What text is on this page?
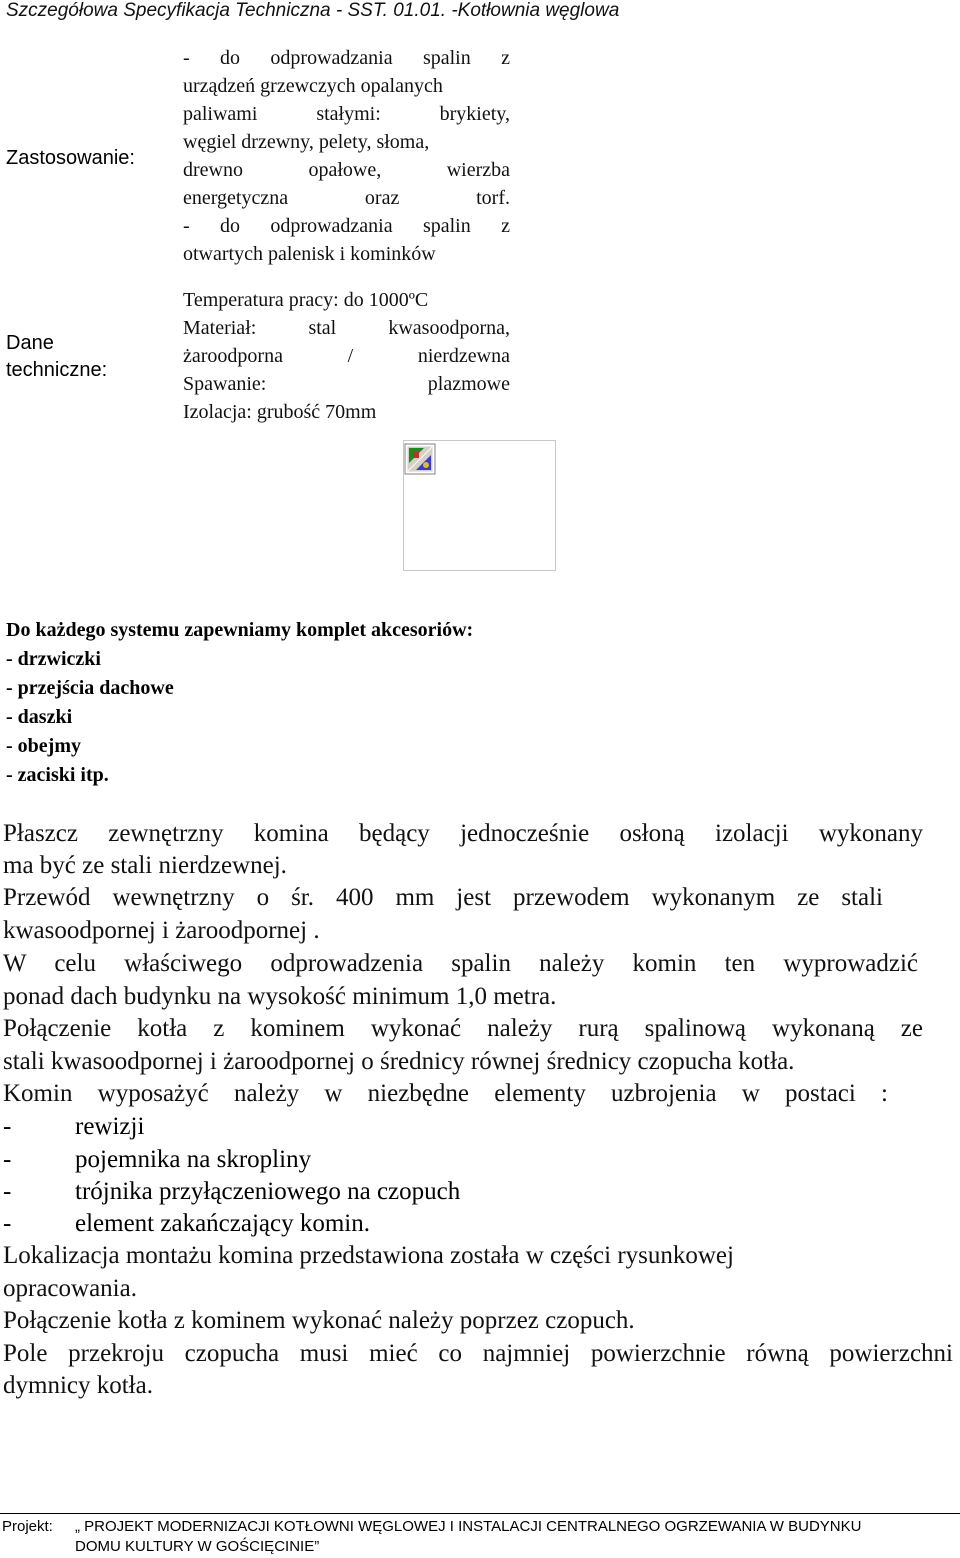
Szczegółowa Specyfikacja Techniczna - SST. 01.01. -Kotłownia węglowa
Zastosowanie:
- do odprowadzania spalin z
urządzeń grzewczych opalanych
paliwami stałymi: brykiety,
węgiel drzewny, pelety, słoma,
drewno opałowe, wierzba
energetyczna oraz torf.
- do odprowadzania spalin z
otwartych palenisk i kominków
Dane
techniczne:
Temperatura pracy: do 1000ºC
Materiał: stal kwasoodporna,
żaroodporna / nierdzewna
Spawanie: plazmowe
Izolacja: grubość 70mm
Do każdego systemu zapewniamy komplet akcesoriów:
- drzwiczki
- przejścia dachowe
- daszki
- obejmy
- zaciski itp.
Płaszcz zewnętrzny komina będący jednocześnie osłoną izolacji wykonany
ma być ze stali nierdzewnej.
Przewód wewnętrzny o śr. 400 mm jest przewodem wykonanym ze stali
kwasoodpornej i żaroodpornej .
W celu właściwego odprowadzenia spalin należy komin ten wyprowadzić
ponad dach budynku na wysokość minimum 1,0 metra.
Połączenie kotła z kominem wykonać należy rurą spalinową wykonaną ze
stali kwasoodpornej i żaroodpornej o średnicy równej średnicy czopucha kotła.
Komin wyposażyć należy w niezbędne elementy uzbrojenia w postaci :
-	rewizji
-	pojemnika na skropliny
-	trójnika przyłączeniowego na czopuch
-	element zakańczający komin.
Lokalizacja montażu komina przedstawiona została w części rysunkowej
opracowania.
Połączenie kotła z kominem wykonać należy poprzez czopuch.
Pole przekroju czopucha musi mieć co najmniej powierzchnie równą powierzchni
dymnicy kotła.
Projekt: „ PROJEKT MODERNIZACJI KOTŁOWNI WĘGLOWEJ I INSTALACJI CENTRALNEGO OGRZEWANIA W BUDYNKU
DOMU KULTURY W GOŚCIĘCINIE”
